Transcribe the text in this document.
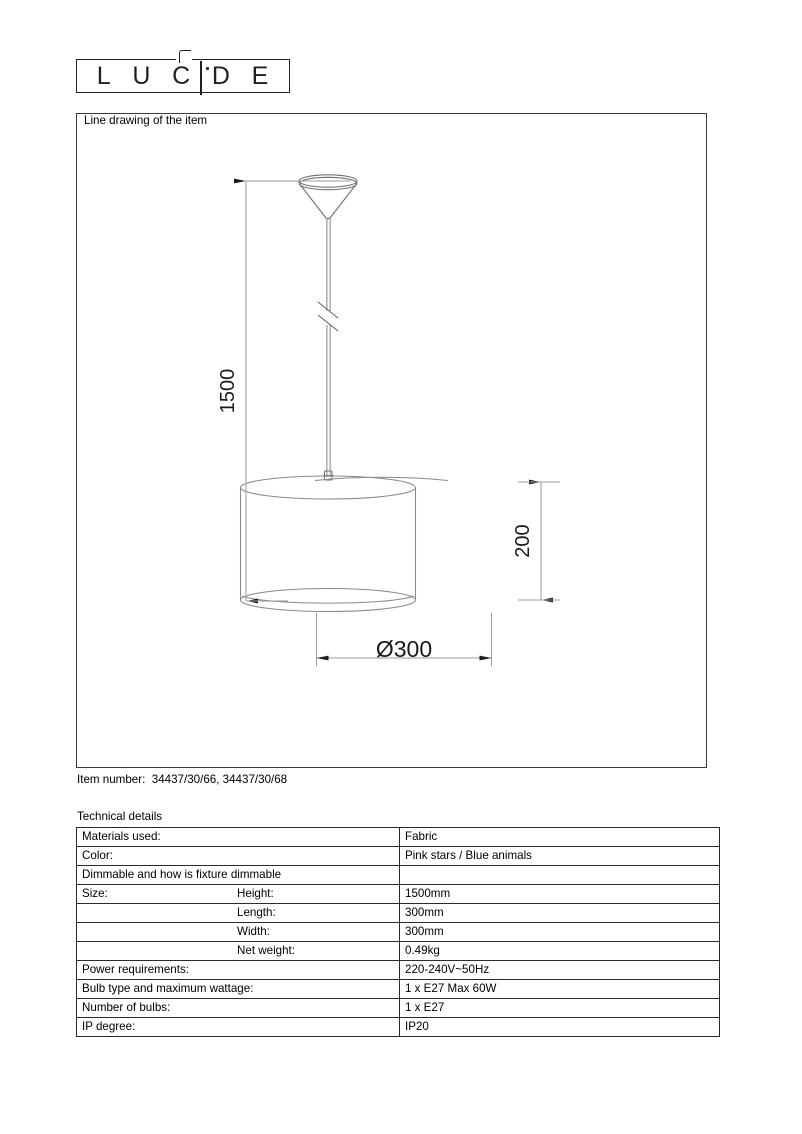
L U C D E
Line drawing of the item
1500
200
Ø300
Item number:  34437/30/66, 34437/30/68
Technical details
Materials used:	Fabric
Color:	Pink stars / Blue animals
Dimmable and how is fixture dimmable	
Size: Height:	1500mm

Length:	300mm

Width:	300mm

Net weight:	0.49kg
Power requirements:	220-240V~50Hz
Bulb type and maximum wattage:	1 x E27 Max 60W
Number of bulbs:	1 x E27
IP degree:	IP20
